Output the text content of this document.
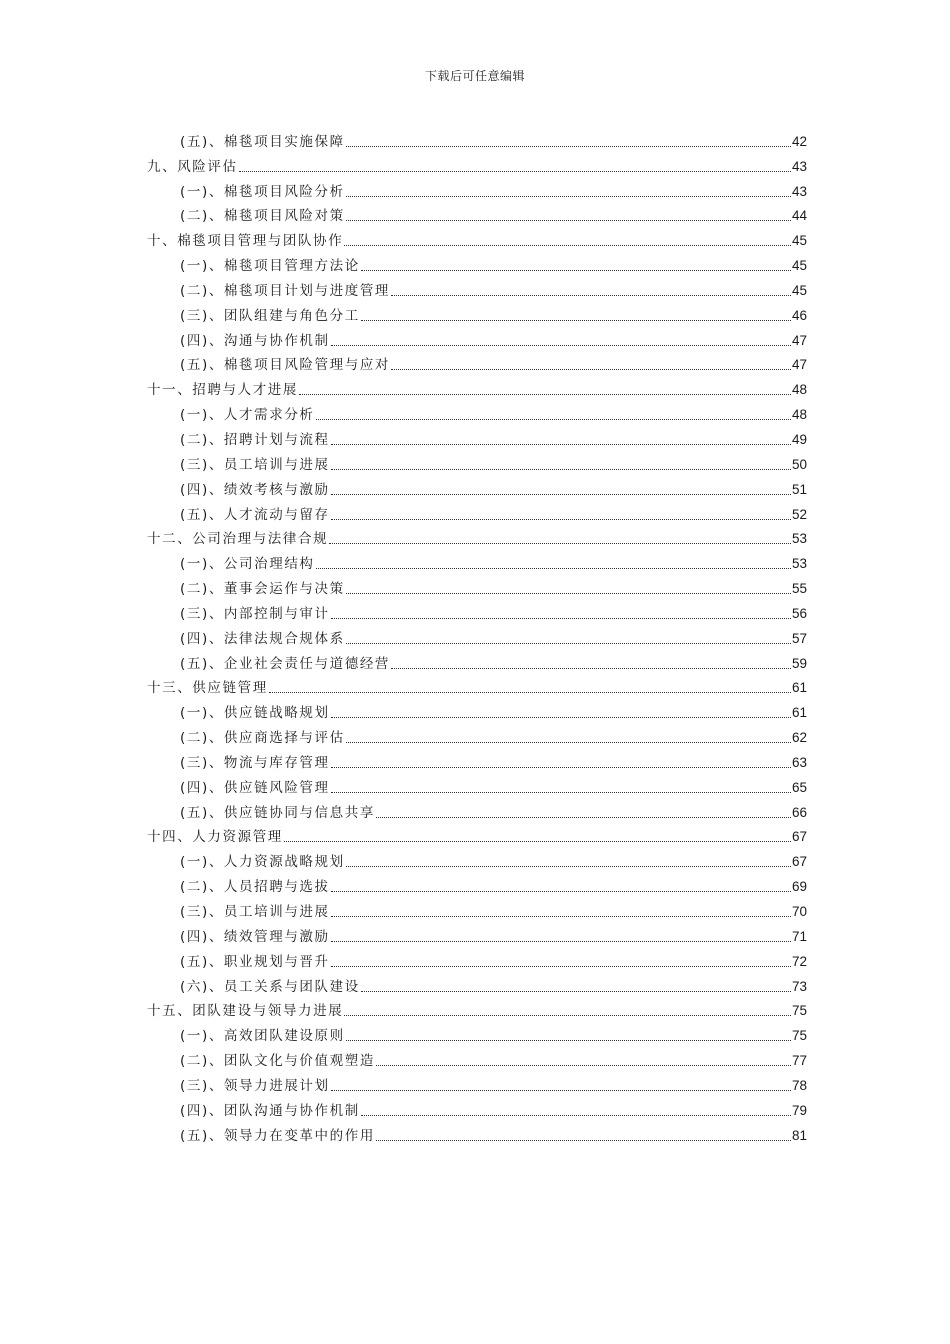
下载后可任意编辑
(五)、棉毯项目实施保障	42
九、风险评估	43
(一)、棉毯项目风险分析	43
(二)、棉毯项目风险对策	44
十、棉毯项目管理与团队协作	45
(一)、棉毯项目管理方法论	45
(二)、棉毯项目计划与进度管理	45
(三)、团队组建与角色分工	46
(四)、沟通与协作机制	47
(五)、棉毯项目风险管理与应对	47
十一、招聘与人才进展	48
(一)、人才需求分析	48
(二)、招聘计划与流程	49
(三)、员工培训与进展	50
(四)、绩效考核与激励	51
(五)、人才流动与留存	52
十二、公司治理与法律合规	53
(一)、公司治理结构	53
(二)、董事会运作与决策	55
(三)、内部控制与审计	56
(四)、法律法规合规体系	57
(五)、企业社会责任与道德经营	59
十三、供应链管理	61
(一)、供应链战略规划	61
(二)、供应商选择与评估	62
(三)、物流与库存管理	63
(四)、供应链风险管理	65
(五)、供应链协同与信息共享	66
十四、人力资源管理	67
(一)、人力资源战略规划	67
(二)、人员招聘与选拔	69
(三)、员工培训与进展	70
(四)、绩效管理与激励	71
(五)、职业规划与晋升	72
(六)、员工关系与团队建设	73
十五、团队建设与领导力进展	75
(一)、高效团队建设原则	75
(二)、团队文化与价值观塑造	77
(三)、领导力进展计划	78
(四)、团队沟通与协作机制	79
(五)、领导力在变革中的作用	81
